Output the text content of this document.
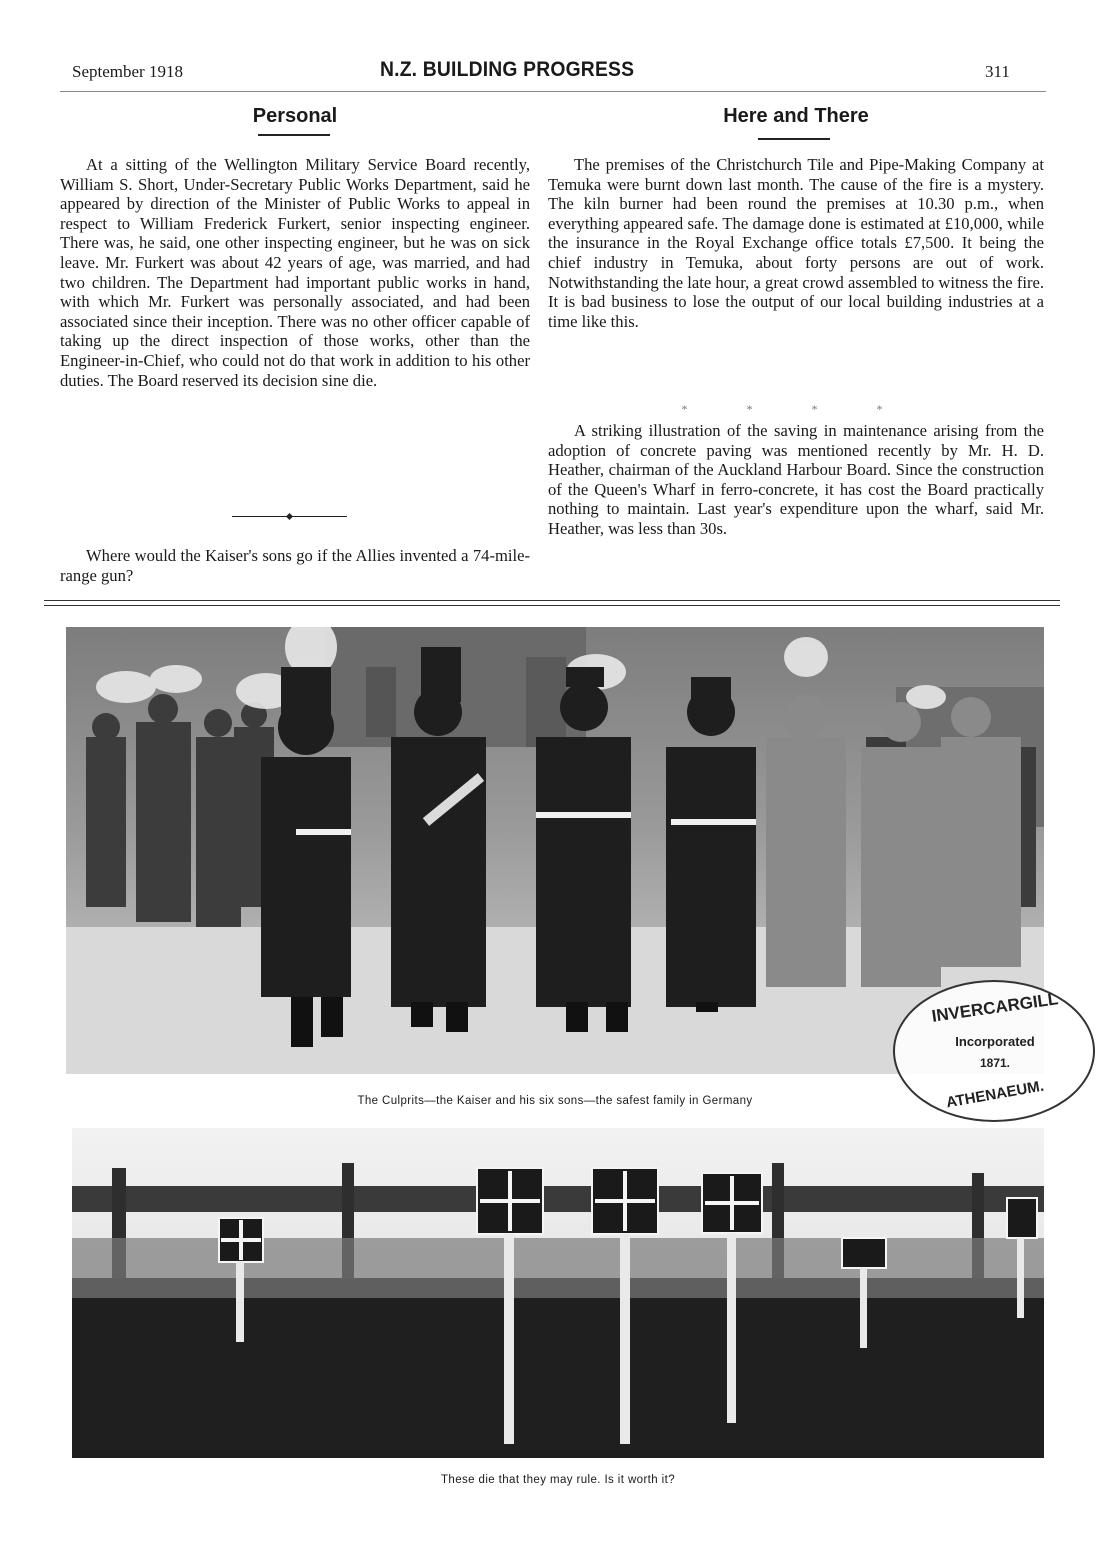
September 1918	N.Z. BUILDING PROGRESS	311
Personal

At a sitting of the Wellington Military Service Board recently, William S. Short, Under-Secretary Public Works Department, said he appeared by direction of the Minister of Public Works to appeal in respect to William Frederick Furkert, senior inspecting engineer. There was, he said, one other inspecting engineer, but he was on sick leave. Mr. Furkert was about 42 years of age, was married, and had two children. The Department had important public works in hand, with which Mr. Furkert was personally associated, and had been associated since their inception. There was no other officer capable of taking up the direct inspection of those works, other than the Engineer-in-Chief, who could not do that work in addition to his other duties. The Board reserved its decision sine die.

Where would the Kaiser's sons go if the Allies invented a 74-mile-range gun?

Here and There

The premises of the Christchurch Tile and Pipe-Making Company at Temuka were burnt down last month. The cause of the fire is a mystery. The kiln burner had been round the premises at 10.30 p.m., when everything appeared safe. The damage done is estimated at £10,000, while the insurance in the Royal Exchange office totals £7,500. It being the chief industry in Temuka, about forty persons are out of work. Notwithstanding the late hour, a great crowd assembled to witness the fire. It is bad business to lose the output of our local building industries at a time like this.

* * * *

A striking illustration of the saving in maintenance arising from the adoption of concrete paving was mentioned recently by Mr. H. D. Heather, chairman of the Auckland Harbour Board. Since the construction of the Queen's Wharf in ferro-concrete, it has cost the Board practically nothing to maintain. Last year's expenditure upon the wharf, said Mr. Heather, was less than 30s.

The Culprits—the Kaiser and his six sons—the safest family in Germany
INVERCARGILL
Incorporated
1871.
ATHENAEUM.
These die that they may rule. Is it worth it?
